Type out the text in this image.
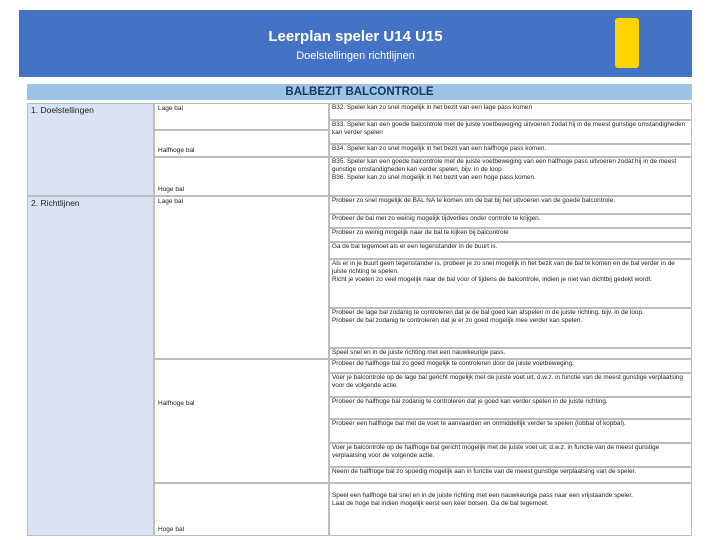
Leerplan speler U14 U15
Doelstellingen richtlijnen
BALBEZIT BALCONTROLE
1. Doelstellingen
2. Richtlijnen
Lage bal
Halfhoge bal
Hoge bal
Lage bal
Halfhoge bal
Hoge bal

B32. Speler kan zo snel mogelijk in het bezit van een lage pass komen

B33. Speler kan een goede balcontrole met de juiste voetbeweging uitvoeren zodat hij in de meest gunstige omstandigheden kan verder spelen

B34. Speler kan zo snel mogelijk in het bezit van een halfhoge pass komen.

B35. Speler kan een goede balcontrole met de juiste voetbeweging van een halfhoge pass uitvoeren zodat hij in de meest gunstige omstandigheden kan verder spelen, bijv. in de loop

B36. Speler kan zo snel mogelijk in het bezit van een hoge pass komen.

Probeer zo snel mogelijk de BAL NA te komen om de bal bij het uitvoeren van de goede balcontrole.

Probeer de bal met zo weinig mogelijk tijdverlies onder controle te krijgen.

Probeer zo weinig mogelijk naar de bal te kijken bij balcontrole

Ga de bal tegemoet als er een tegenstander in de buurt is.

Als er in je buurt geen tegenstander is, probeer je zo snel mogelijk in het bezit van de bal te komen en de bal verder in de juiste richting te spelen.

Richt je voeten zo veel mogelijk naar de bal voor of tijdens de balcontrole, indien je niet van dichtbij gedekt wordt.

Probeer de lage bal zodanig te controleren dat je de bal goed kan afspelen in de juiste richting, bijv. in de loop.

Probeer de bal zodanig te controleren dat je er zo goed mogelijk mee verder kan spelen.

Speel snel en in de juiste richting met een nauwkeurige pass.

Probeer de halfhoge bal zo goed mogelijk te controleren door de juiste voetbeweging.

Voer je balcontrole op de lage bal gericht mogelijk met de juiste voet uit, d.w.z. in functie van de meest gunstige verplaatsing voor de volgende actie.

Probeer de halfhoge bal zodanig te controleren dat je goed kan verder spelen in de juiste richting.

Probeer een halfhoge bal met de voet te aanvaarden en onmiddellijk verder te spelen (lobbal of kopbal).

Voer je balcontrole op de halfhoge bal gericht mogelijk met de juiste voet uit, d.w.z. in functie van de meest gunstige verplaatsing voor de volgende actie.

Neem de halfhoge bal zo spoedig mogelijk aan in functie van de meest gunstige verplaatsing van de speler.

Speel een halfhoge bal snel en in de juiste richting met een nauwkeurige pass naar een vrijstaande speler.

Laat de hoge bal indien mogelijk eerst een keer botsen. Ga de bal tegemoet.
